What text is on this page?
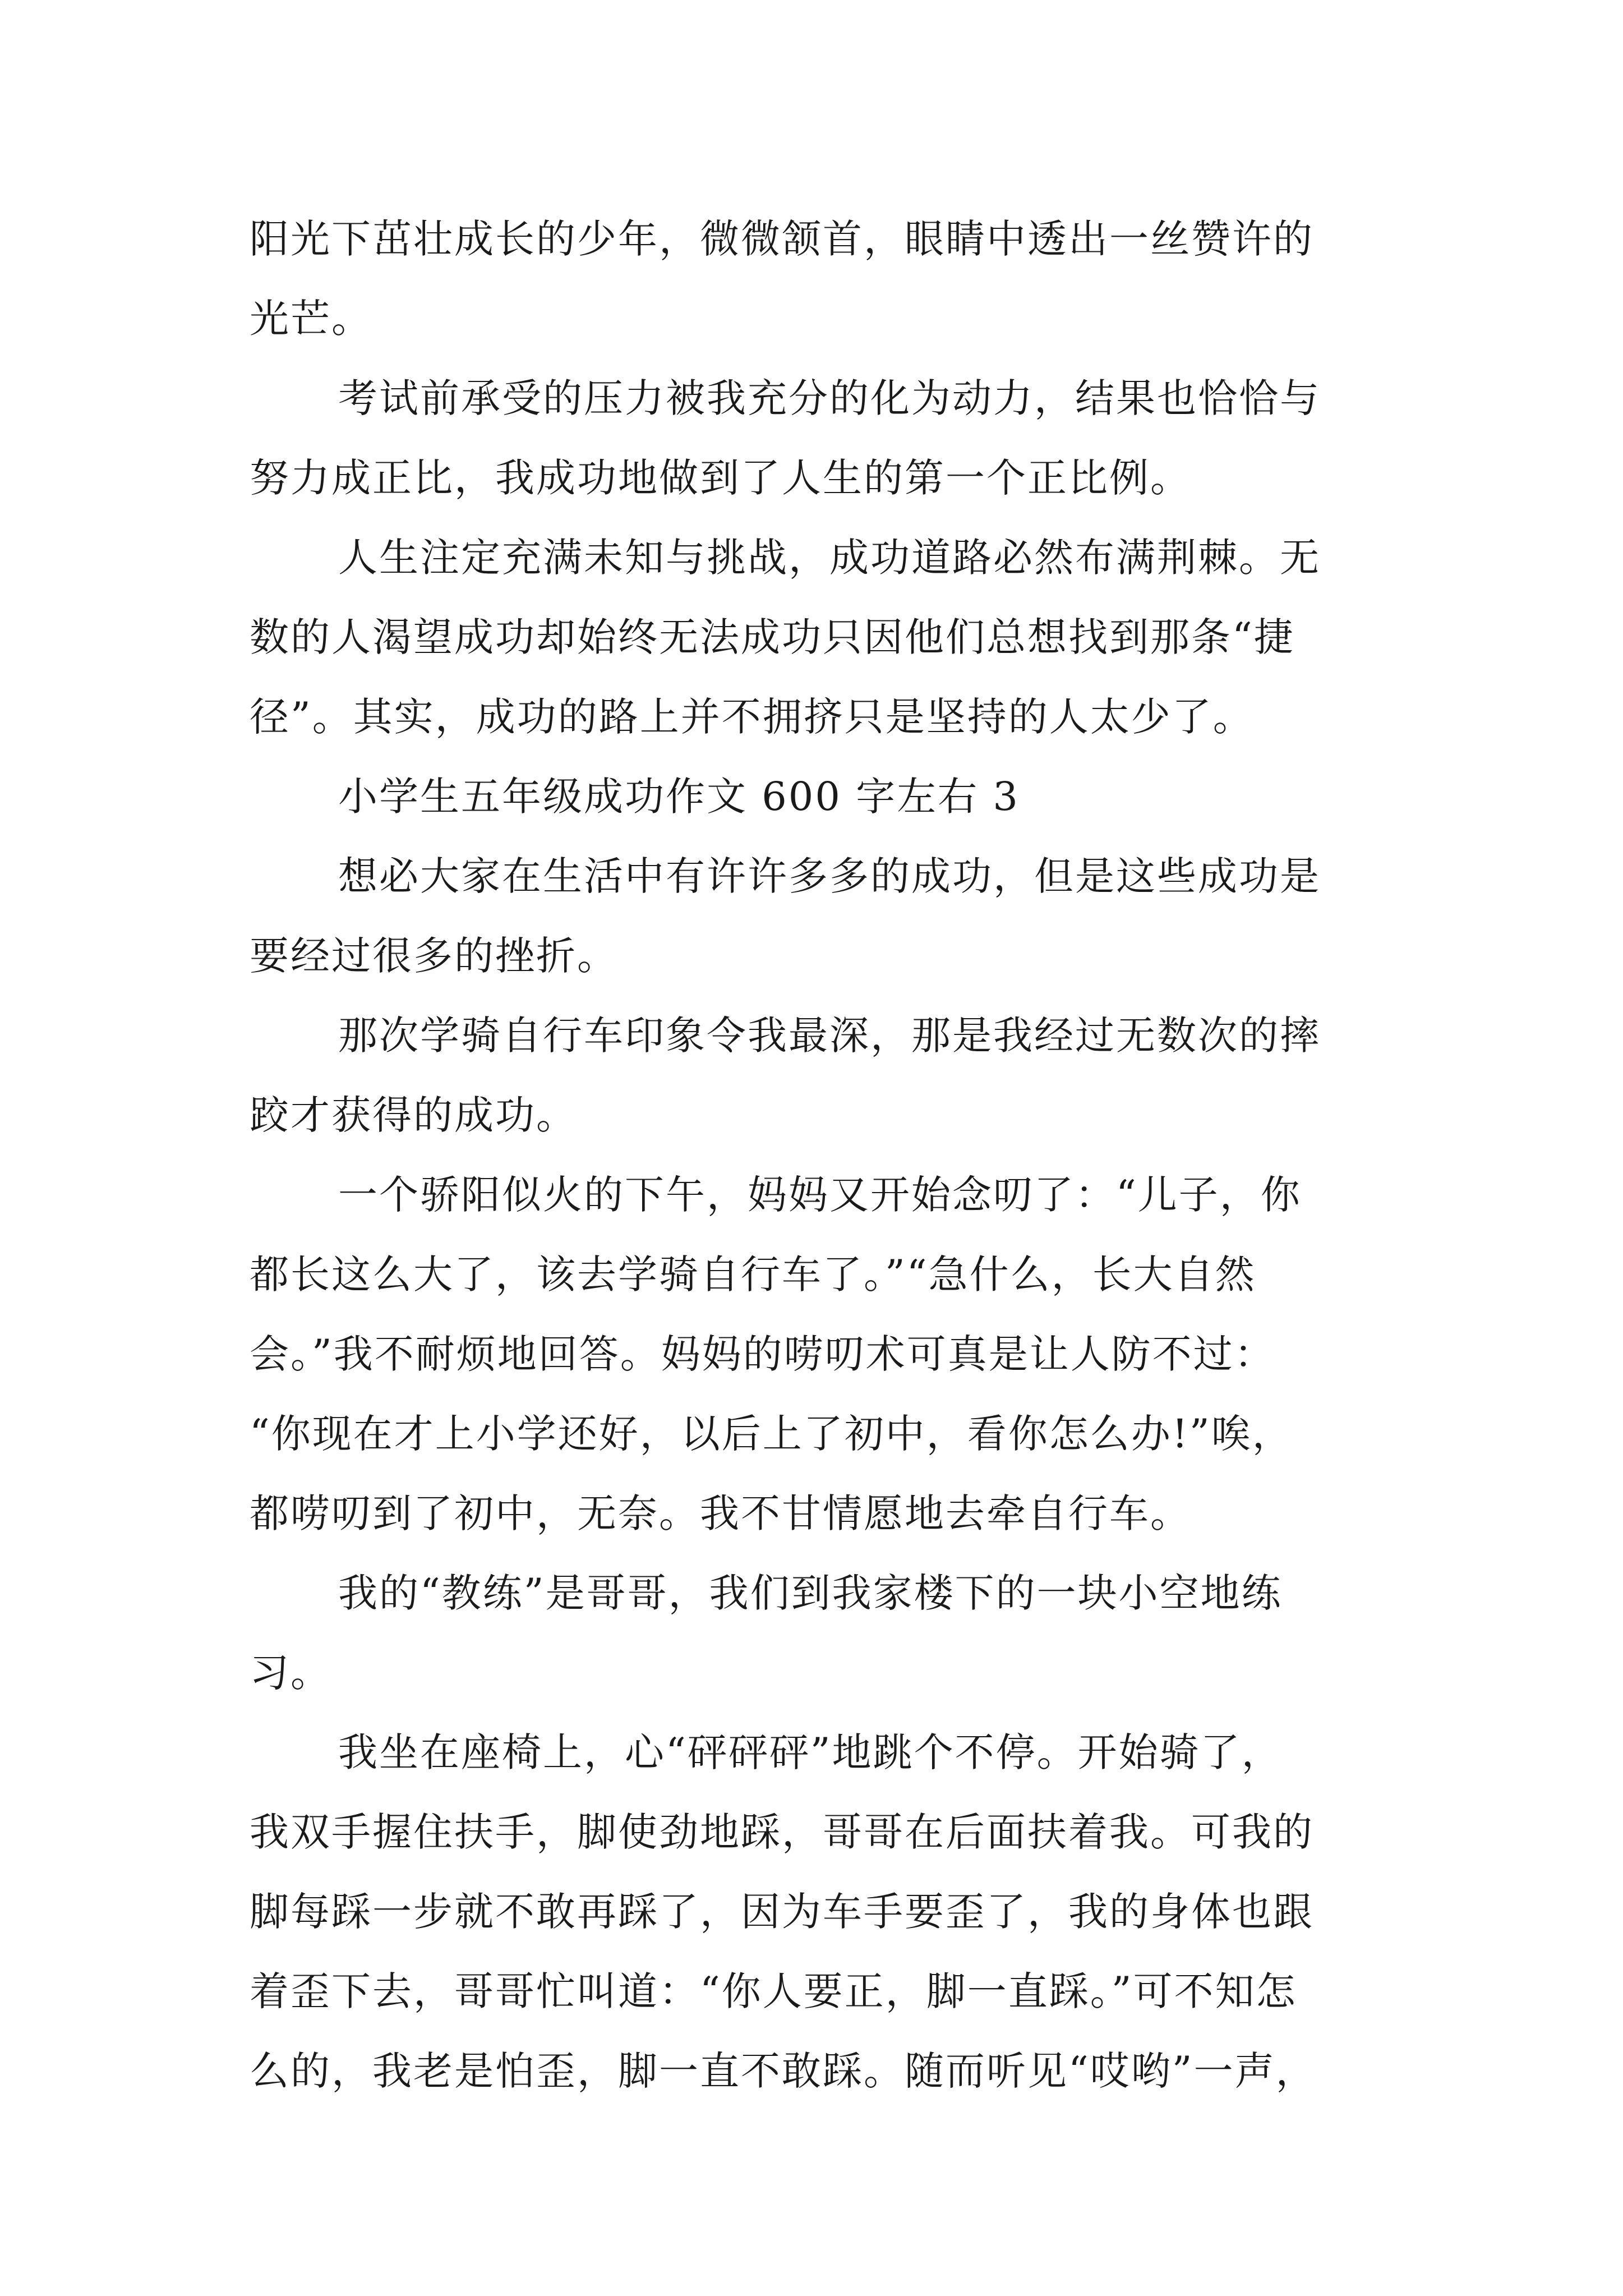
阳光下茁壮成长的少年，微微颔首，眼睛中透出一丝赞许的
光芒。
考试前承受的压力被我充分的化为动力，结果也恰恰与
努力成正比，我成功地做到了人生的第一个正比例。
人生注定充满未知与挑战，成功道路必然布满荆棘。无
数的人渴望成功却始终无法成功只因他们总想找到那条“捷
径”。其实，成功的路上并不拥挤只是坚持的人太少了。
小学生五年级成功作文 600 字左右 3
想必大家在生活中有许许多多的成功，但是这些成功是
要经过很多的挫折。
那次学骑自行车印象令我最深，那是我经过无数次的摔
跤才获得的成功。
一个骄阳似火的下午，妈妈又开始念叨了：“儿子，你
都长这么大了，该去学骑自行车了。”“急什么，长大自然
会。”我不耐烦地回答。妈妈的唠叨术可真是让人防不过：
“你现在才上小学还好，以后上了初中，看你怎么办!”唉，
都唠叨到了初中，无奈。我不甘情愿地去牵自行车。
我的“教练”是哥哥，我们到我家楼下的一块小空地练
习。
我坐在座椅上，心“砰砰砰”地跳个不停。开始骑了，
我双手握住扶手，脚使劲地踩，哥哥在后面扶着我。可我的
脚每踩一步就不敢再踩了，因为车手要歪了，我的身体也跟
着歪下去，哥哥忙叫道：“你人要正，脚一直踩。”可不知怎
么的，我老是怕歪，脚一直不敢踩。随而听见“哎哟”一声，
